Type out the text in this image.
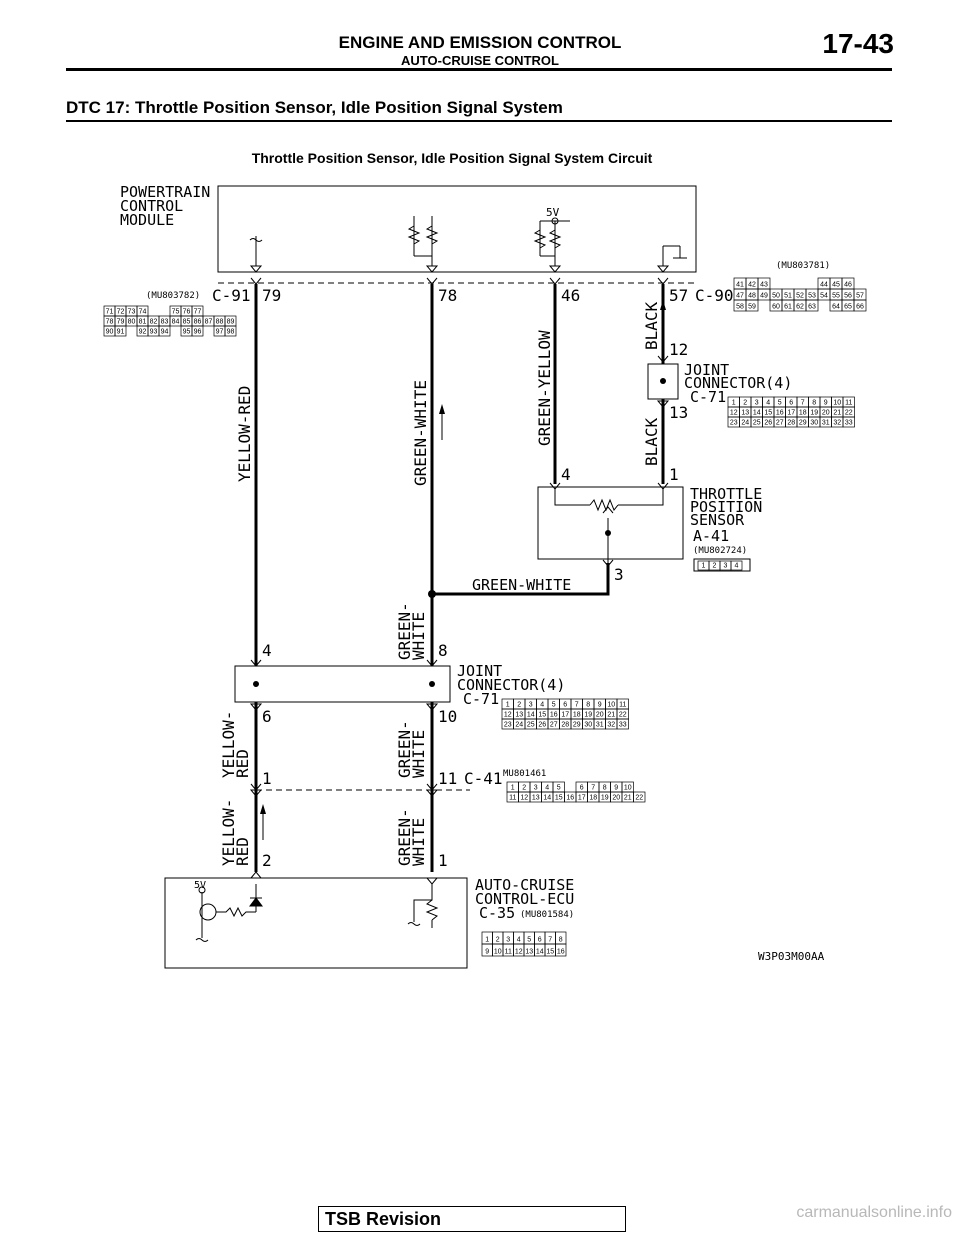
ENGINE AND EMISSION CONTROL
AUTO-CRUISE CONTROL
17-43
DTC 17: Throttle Position Sensor, Idle Position Signal System
Throttle Position Sensor, Idle Position Signal System Circuit
POWERTRAIN
CONTROL
MODULE	5V
C-91
(MU803782)	79	78	46	57 C-90
(MU803781)
YELLOW-RED	GREEN-WHITE	GREEN-YELLOW
BLACK
BLACK
12
13
JOINT
CONNECTOR(4)
C-71
4	1
3
THROTTLE
POSITION
SENSOR
A-41
(MU802724)
GREEN-WHITE
GREEN-
WHITE
4	8
6	10
JOINT
CONNECTOR(4)
C-71
YELLOW-
RED	GREEN-
WHITE
1	11 C-41 MU801461
YELLOW-
RED	GREEN-
WHITE
2	1
AUTO-CRUISE
CONTROL-ECU
C-35 (MU801584)
5V
W3P03M00AA
71 72 73 74	75 76 77
78 79 80 81 82 83 84 85 86 87 88 89
90 91 92 93 94 95 96 97 98
41 42 43	44 45 46
47 48 49 50 51 52 53 54 55 56 57
58 59 60 61 62 63 64 65 66
1 2 3 4 5 6 7 8 9 10 11
12 13 14 15 16 17 18 19 20 21 22
23 24 25 26 27 28 29 30 31 32 33
1 2 3 4 5 6 7 8 9 10 11
12 13 14 15 16 17 18 19 20 21 22
23 24 25 26 27 28 29 30 31 32 33
1 2 3 4 5	6 7 8 9 10
11 12 13 14 15 16 17 18 19 20 21 22
1 2 3 4 5 6 7 8
9 10 11 12 13 14 15 16
1 2 3 4
TSB Revision	carmanualsonline.info
